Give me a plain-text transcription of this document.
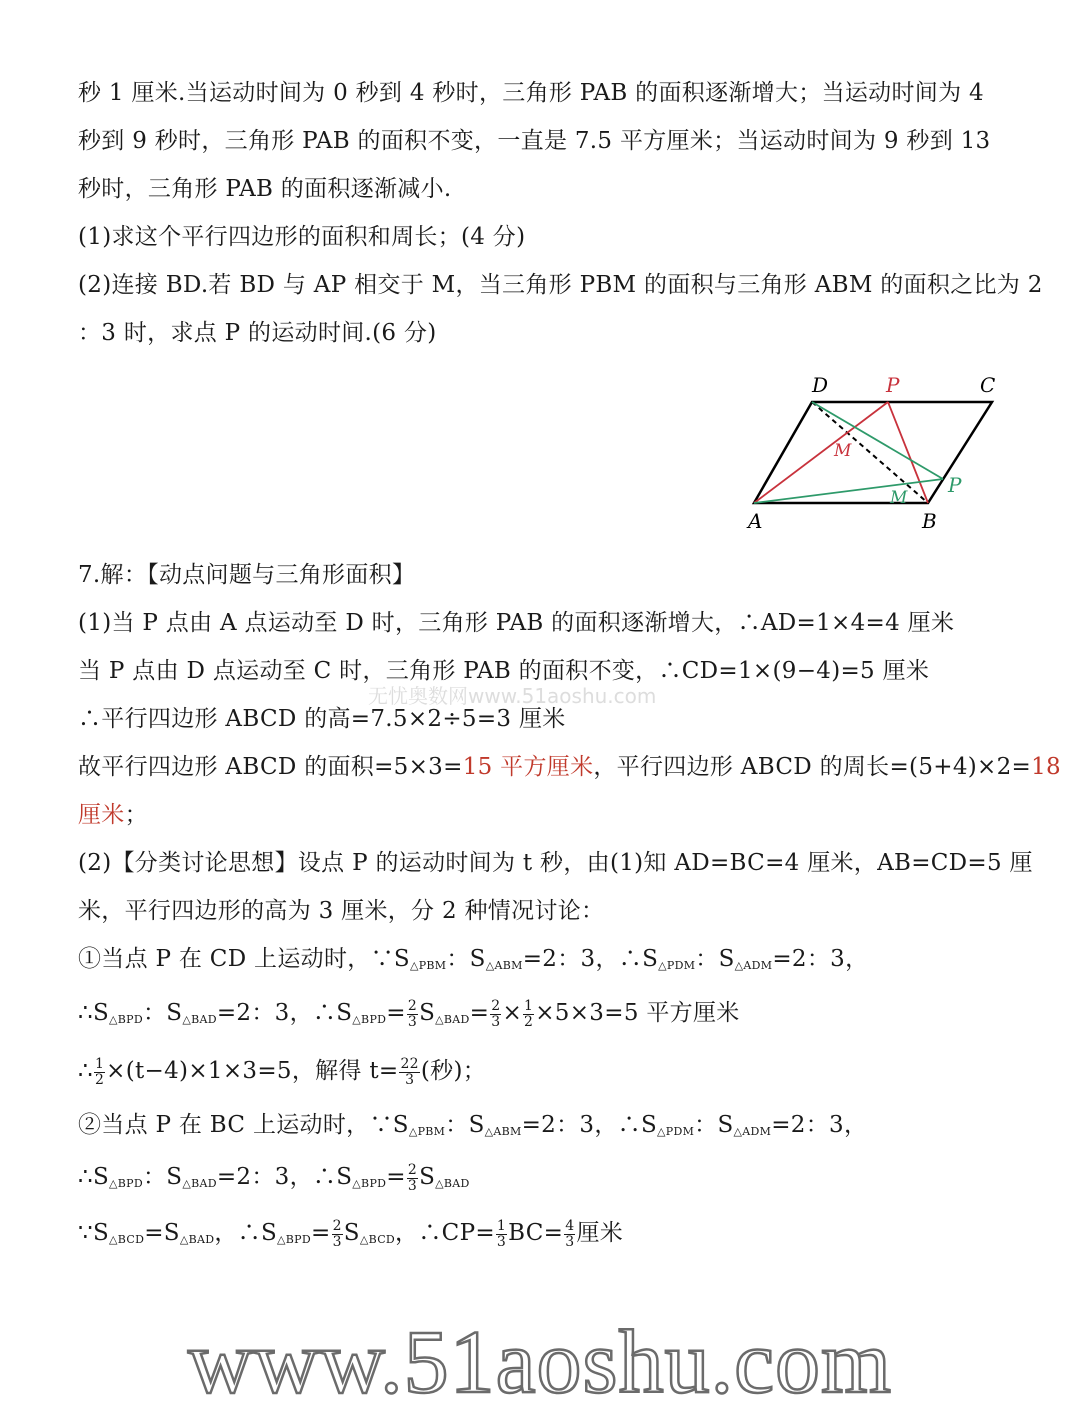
秒 1 厘米.当运动时间为 0 秒到 4 秒时，三角形 PAB 的面积逐渐增大；当运动时间为 4
秒到 9 秒时，三角形 PAB 的面积不变，一直是 7.5 平方厘米；当运动时间为 9 秒到 13
秒时，三角形 PAB 的面积逐渐减小.
(1)求这个平行四边形的面积和周长；(4 分)
(2)连接 BD.若 BD 与 AP 相交于 M，当三角形 PBM 的面积与三角形 ABM 的面积之比为 2
：3 时，求点 P 的运动时间.(6 分)
A	B
C
D	P
P
M
M
7.解：【动点问题与三角形面积】
(1)当 P 点由 A 点运动至 D 时，三角形 PAB 的面积逐渐增大，∴AD=1×4=4 厘米
当 P 点由 D 点运动至 C 时，三角形 PAB 的面积不变，∴CD=1×(9−4)=5 厘米
∴平行四边形 ABCD 的高=7.5×2÷5=3 厘米
故平行四边形 ABCD 的面积=5×3=15 平方厘米，平行四边形 ABCD 的周长=(5+4)×2=18
厘米；
(2)【分类讨论思想】设点 P 的运动时间为 t 秒，由(1)知 AD=BC=4 厘米，AB=CD=5 厘
米，平行四边形的高为 3 厘米，分 2 种情况讨论：
①当点 P 在 CD 上运动时，$\because S_{\triangle PBM}$：$S_{\triangle ABM}=2$：3，$\therefore S_{\triangle PDM}$：$S_{\triangle ADM}=2$：3，
$\therefore S_{\triangle BPD}$：$S_{\triangle BAD}=2$：3，$\therefore S_{\triangle BPD}= \frac{2}{3} S_{\triangle BAD}= \frac{2}{3} \times \frac{1}{2} \times 5\times 3=5$ 平方厘米
∴ $\frac{1}{2} \times(t-4)\times 1\times 3=5$，解得 $t= \frac{22}{3}$ (秒)；
②当点 P 在 BC 上运动时，$\because S_{\triangle PBM}$：$S_{\triangle ABM}=2$：3，$\therefore S_{\triangle PDM}$：$S_{\triangle ADM}=2$：3，
$\therefore S_{\triangle BPD}$：$S_{\triangle BAD}=2$：3，$\therefore S_{\triangle BPD}= \frac{2}{3} S_{\triangle BAD}$
$\because S_{\triangle BCD}=S_{\triangle BAD}$，$\therefore S_{\triangle BPD}= \frac{2}{3} S_{\triangle BCD}$，∴CP= $\frac{1}{3} BC= \frac{4}{3}$ 厘米
无忧奥数网www.51aoshu.com
www.51aoshu.com
